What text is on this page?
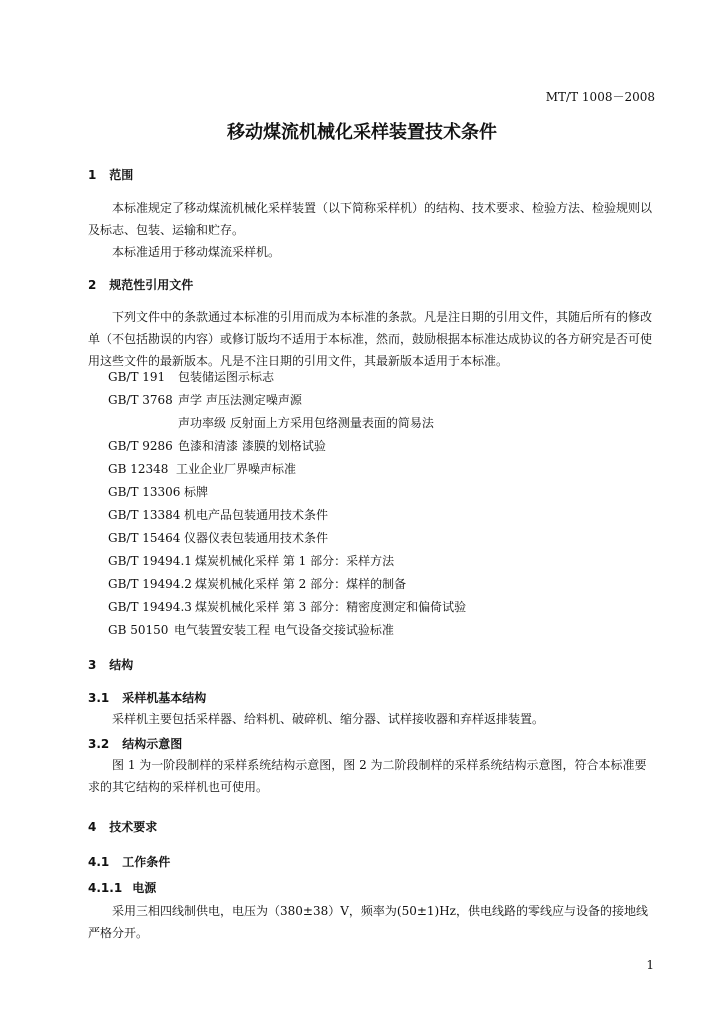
MT/T 1008－2008
移动煤流机械化采样装置技术条件
1 范围
本标准规定了移动煤流机械化采样装置（以下简称采样机）的结构、技术要求、检验方法、检验规则以及标志、包装、运输和贮存。
本标准适用于移动煤流采样机。
2 规范性引用文件
下列文件中的条款通过本标准的引用而成为本标准的条款。凡是注日期的引用文件，其随后所有的修改单（不包括勘误的内容）或修订版均不适用于本标准，然而，鼓励根据本标准达成协议的各方研究是否可使用这些文件的最新版本。凡是不注日期的引用文件，其最新版本适用于本标准。
GB/T 191 包装储运图示标志
GB/T 3768 声学 声压法测定噪声源
声功率级 反射面上方采用包络测量表面的简易法
GB/T 9286 色漆和清漆 漆膜的划格试验
GB 12348 工业企业厂界噪声标准
GB/T 13306 标牌
GB/T 13384 机电产品包装通用技术条件
GB/T 15464 仪器仪表包装通用技术条件
GB/T 19494.1 煤炭机械化采样 第 1 部分：采样方法
GB/T 19494.2 煤炭机械化采样 第 2 部分：煤样的制备
GB/T 19494.3 煤炭机械化采样 第 3 部分：精密度测定和偏倚试验
GB 50150 电气装置安装工程 电气设备交接试验标准
3 结构
3.1 采样机基本结构
采样机主要包括采样器、给料机、破碎机、缩分器、试样接收器和弃样返排装置。
3.2 结构示意图
图 1 为一阶段制样的采样系统结构示意图，图 2 为二阶段制样的采样系统结构示意图，符合本标准要求的其它结构的采样机也可使用。
4 技术要求
4.1 工作条件
4.1.1 电源
采用三相四线制供电，电压为（380±38）V，频率为(50±1)Hz，供电线路的零线应与设备的接地线严格分开。
1
